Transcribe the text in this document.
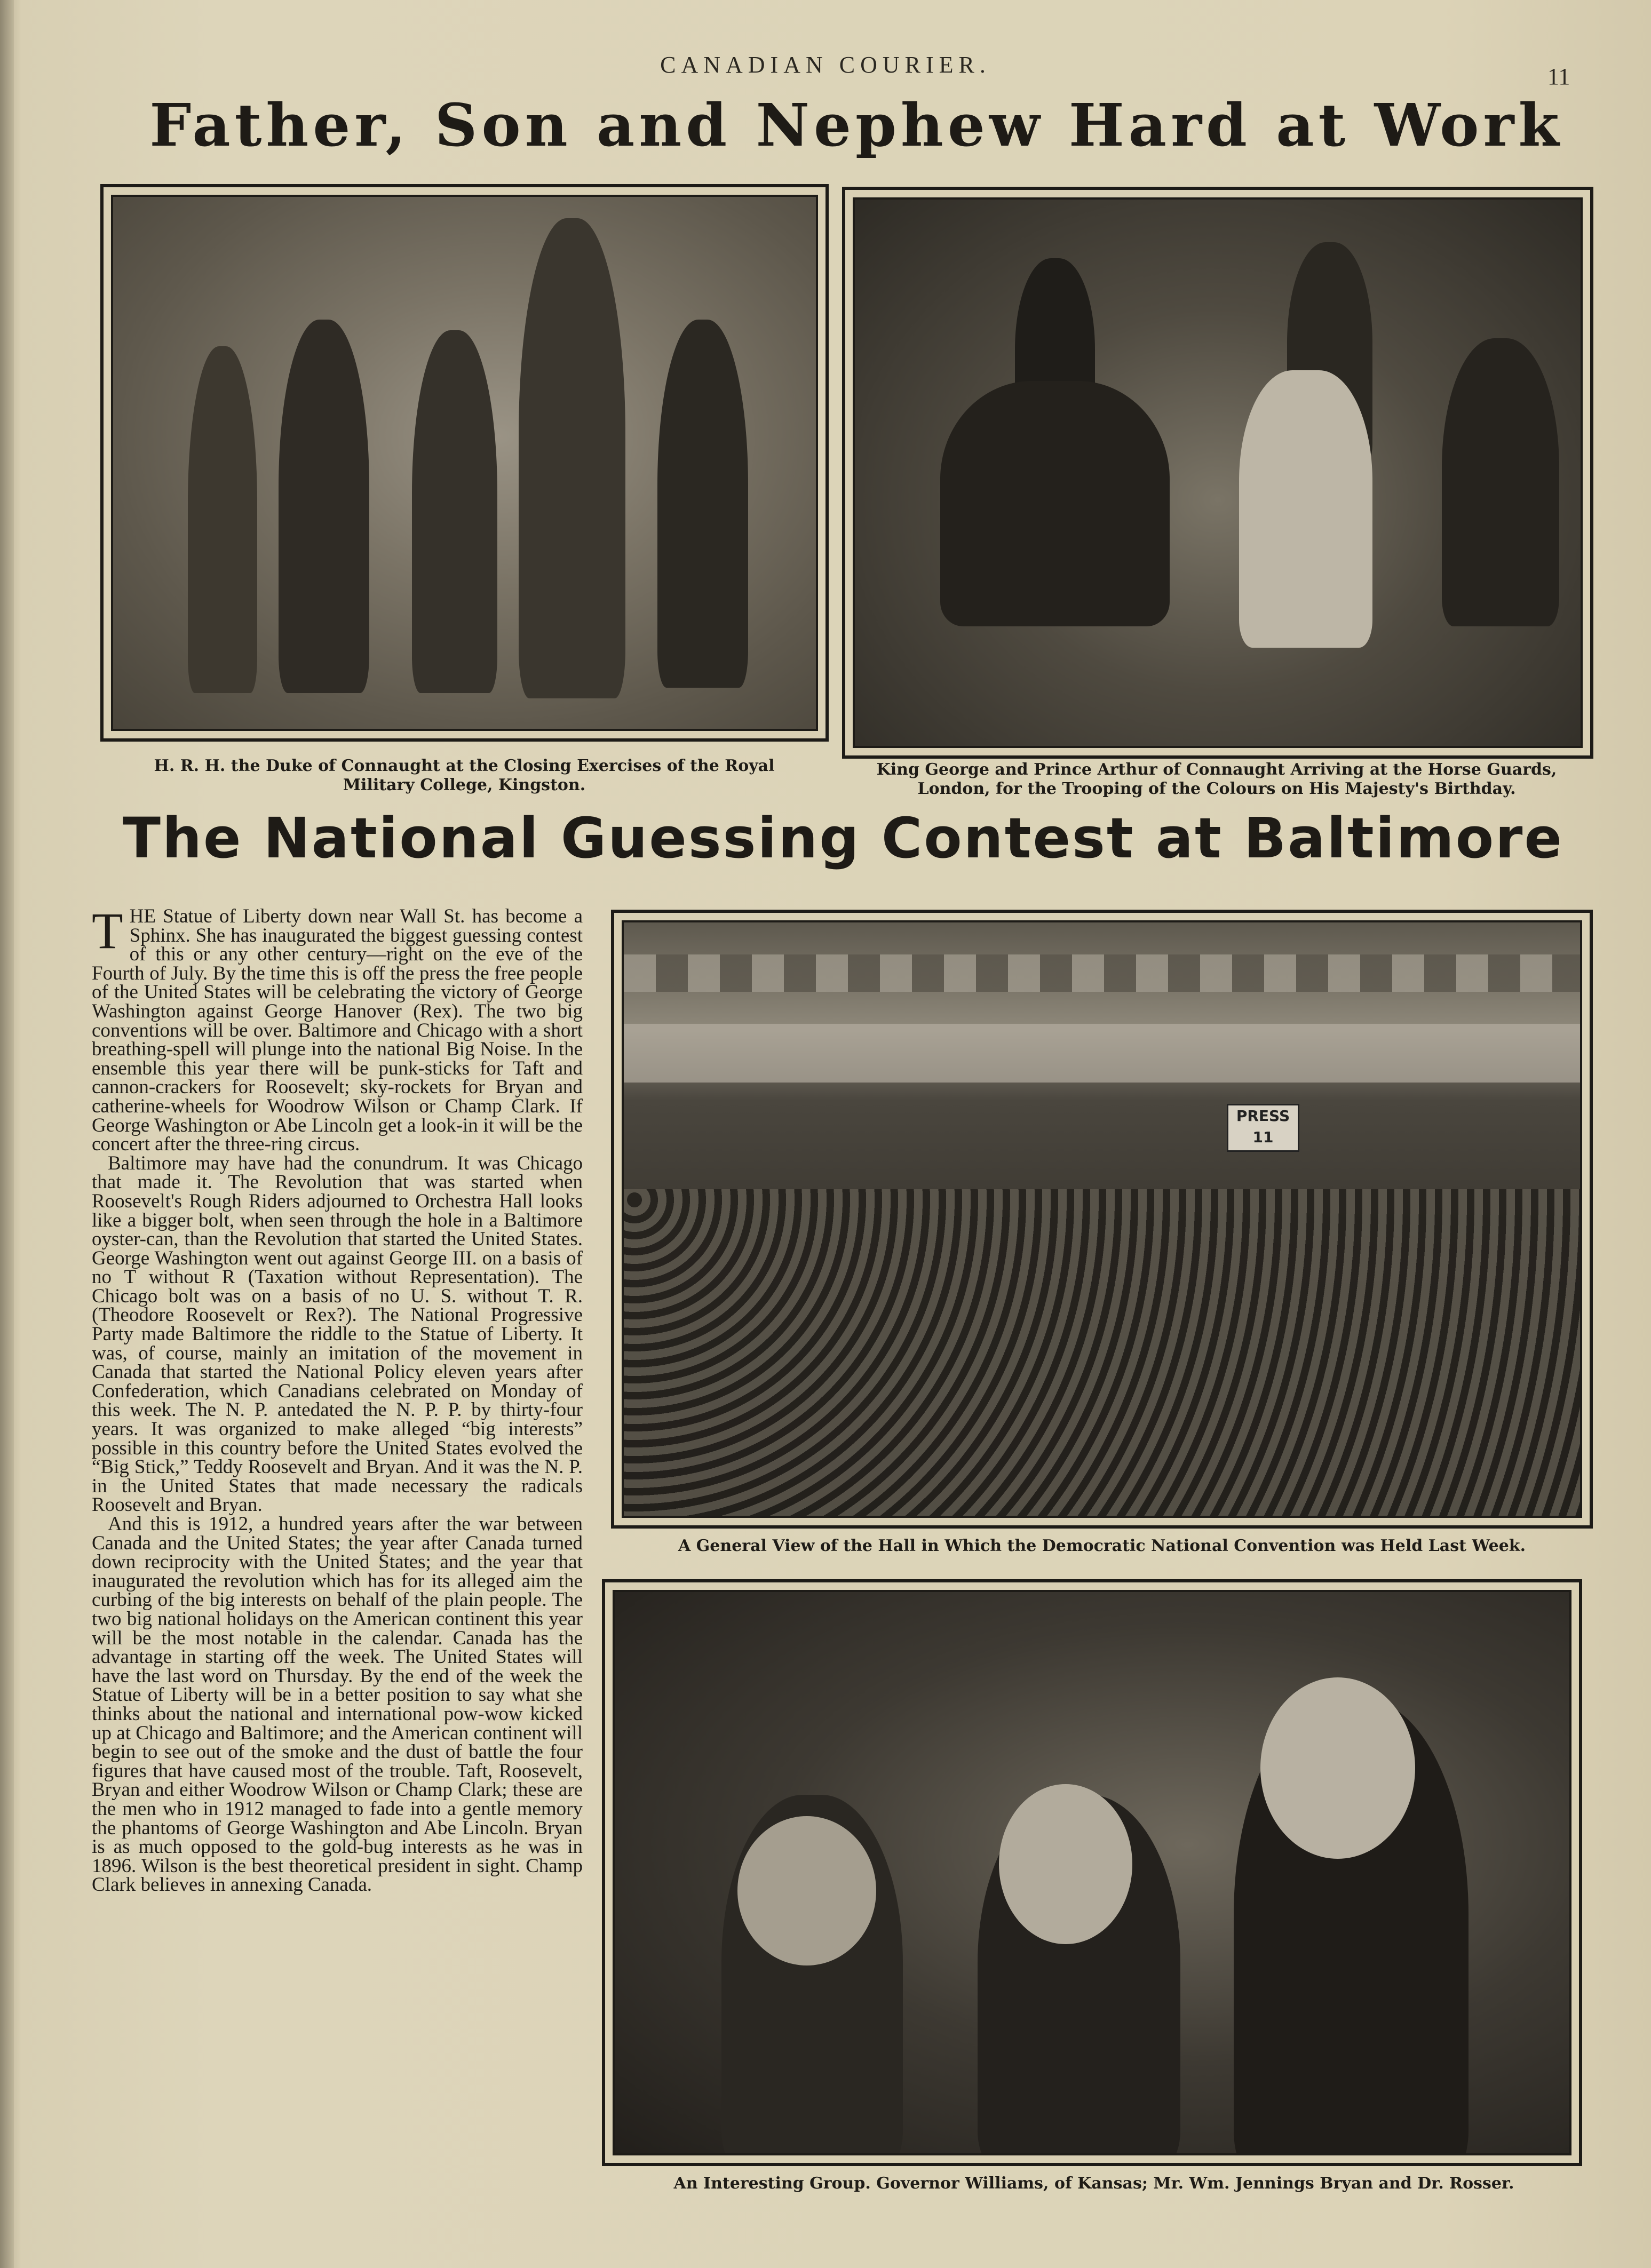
CANADIAN COURIER.	11
Father, Son and Nephew Hard at Work
H. R. H. the Duke of Connaught at the Closing Exercises of the Royal Military College, Kingston.
King George and Prince Arthur of Connaught Arriving at the Horse Guards, London, for the Trooping of the Colours on His Majesty's Birthday.
The National Guessing Contest at Baltimore

THE Statue of Liberty down near Wall St. has become a Sphinx. She has inaugurated the biggest guessing contest of this or any other century—right on the eve of the Fourth of July. By the time this is off the press the free people of the United States will be celebrating the victory of George Washington against George Hanover (Rex). The two big conventions will be over. Baltimore and Chicago with a short breathing-spell will plunge into the national Big Noise. In the ensemble this year there will be punk-sticks for Taft and cannon-crackers for Roosevelt; sky-rockets for Bryan and catherine-wheels for Woodrow Wilson or Champ Clark. If George Washington or Abe Lincoln get a look-in it will be the concert after the three-ring circus.

Baltimore may have had the conundrum. It was Chicago that made it. The Revolution that was started when Roosevelt's Rough Riders adjourned to Orchestra Hall looks like a bigger bolt, when seen through the hole in a Baltimore oyster-can, than the Revolution that started the United States. George Washington went out against George III. on a basis of no T without R (Taxation without Representation). The Chicago bolt was on a basis of no U. S. without T. R. (Theodore Roosevelt or Rex?). The National Progressive Party made Baltimore the riddle to the Statue of Liberty. It was, of course, mainly an imitation of the movement in Canada that started the National Policy eleven years after Confederation, which Canadians celebrated on Monday of this week. The N. P. antedated the N. P. P. by thirty-four years. It was organized to make alleged “big interests” possible in this country before the United States evolved the “Big Stick,” Teddy Roosevelt and Bryan. And it was the N. P. in the United States that made necessary the radicals Roosevelt and Bryan.

And this is 1912, a hundred years after the war between Canada and the United States; the year after Canada turned down reciprocity with the United States; and the year that inaugurated the revolution which has for its alleged aim the curbing of the big interests on behalf of the plain people. The two big national holidays on the American continent this year will be the most notable in the calendar. Canada has the advantage in starting off the week. The United States will have the last word on Thursday. By the end of the week the Statue of Liberty will be in a better position to say what she thinks about the national and international pow-wow kicked up at Chicago and Baltimore; and the American continent will begin to see out of the smoke and the dust of battle the four figures that have caused most of the trouble. Taft, Roosevelt, Bryan and either Woodrow Wilson or Champ Clark; these are the men who in 1912 managed to fade into a gentle memory the phantoms of George Washington and Abe Lincoln. Bryan is as much opposed to the gold-bug interests as he was in 1896. Wilson is the best theoretical president in sight. Champ Clark believes in annexing Canada.

PRESS 11
A General View of the Hall in Which the Democratic National Convention was Held Last Week.
An Interesting Group. Governor Williams, of Kansas; Mr. Wm. Jennings Bryan and Dr. Rosser.
